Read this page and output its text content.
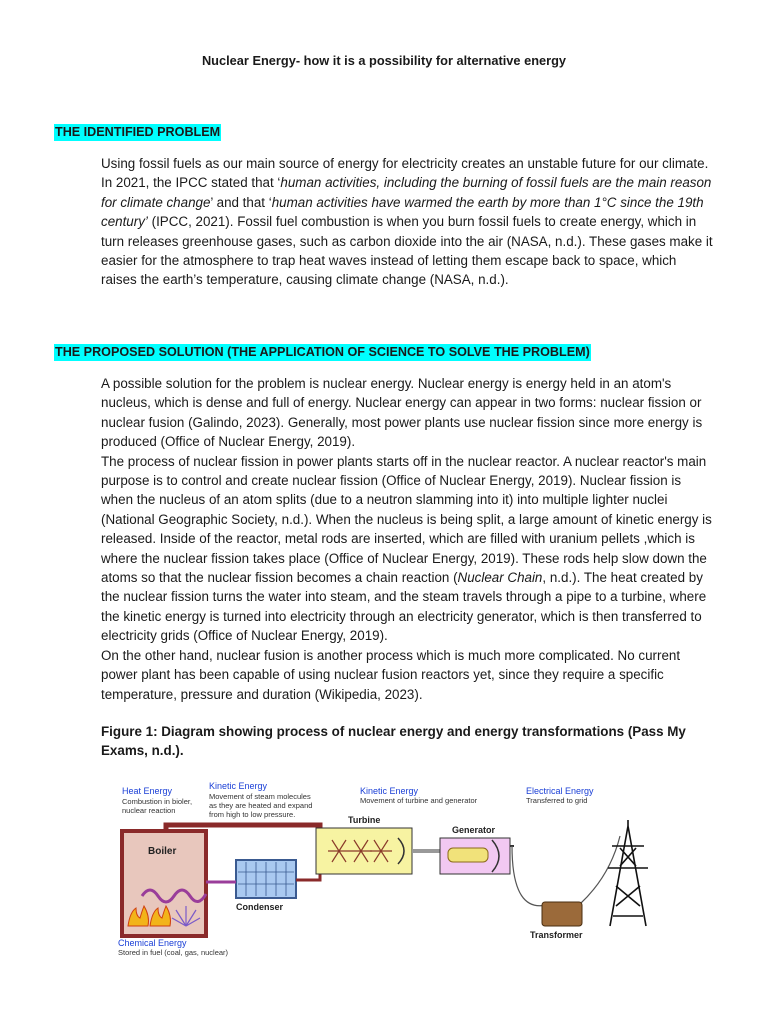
Nuclear Energy- how it is a possibility for alternative energy
THE IDENTIFIED PROBLEM

Using fossil fuels as our main source of energy for electricity creates an unstable future for our climate. In 2021, the IPCC stated that ‘human activities, including the burning of fossil fuels are the main reason for climate change’ and that ‘human activities have warmed the earth by more than 1°C since the 19th century’ (IPCC, 2021). Fossil fuel combustion is when you burn fossil fuels to create energy, which in turn releases greenhouse gases, such as carbon dioxide into the air (NASA, n.d.). These gases make it easier for the atmosphere to trap heat waves instead of letting them escape back to space, which raises the earth’s temperature, causing climate change (NASA, n.d.).

THE PROPOSED SOLUTION (THE APPLICATION OF SCIENCE TO SOLVE THE PROBLEM)

A possible solution for the problem is nuclear energy. Nuclear energy is energy held in an atom's nucleus, which is dense and full of energy. Nuclear energy can appear in two forms: nuclear fission or nuclear fusion (Galindo, 2023). Generally, most power plants use nuclear fission since more energy is produced (Office of Nuclear Energy, 2019).

The process of nuclear fission in power plants starts off in the nuclear reactor. A nuclear reactor's main purpose is to control and create nuclear fission (Office of Nuclear Energy, 2019). Nuclear fission is when the nucleus of an atom splits (due to a neutron slamming into it) into multiple lighter nuclei (National Geographic Society, n.d.). When the nucleus is being split, a large amount of kinetic energy is released. Inside of the reactor, metal rods are inserted, which are filled with uranium pellets ,which is where the nuclear fission takes place (Office of Nuclear Energy, 2019). These rods help slow down the atoms so that the nuclear fission becomes a chain reaction (Nuclear Chain, n.d.). The heat created by the nuclear fission turns the water into steam, and the steam travels through a pipe to a turbine, where the kinetic energy is turned into electricity through an electricity generator, which is then transferred to electricity grids (Office of Nuclear Energy, 2019).

On the other hand, nuclear fusion is another process which is much more complicated. No current power plant has been capable of using nuclear fusion reactors yet, since they require a specific temperature, pressure and duration (Wikipedia, 2023).

Figure 1: Diagram showing process of nuclear energy and energy transformations (Pass My Exams, n.d.).
Heat Energy
Combustion in bioler,
nuclear reaction
Kinetic Energy
Movement of steam molecules
as they are heated and expand
from high to low pressure.
Kinetic Energy
Movement of turbine and generator
Electrical Energy
Transferred to grid
Boiler
Condenser
Turbine
Generator
Transformer
Chemical Energy
Stored in fuel (coal, gas, nuclear)
